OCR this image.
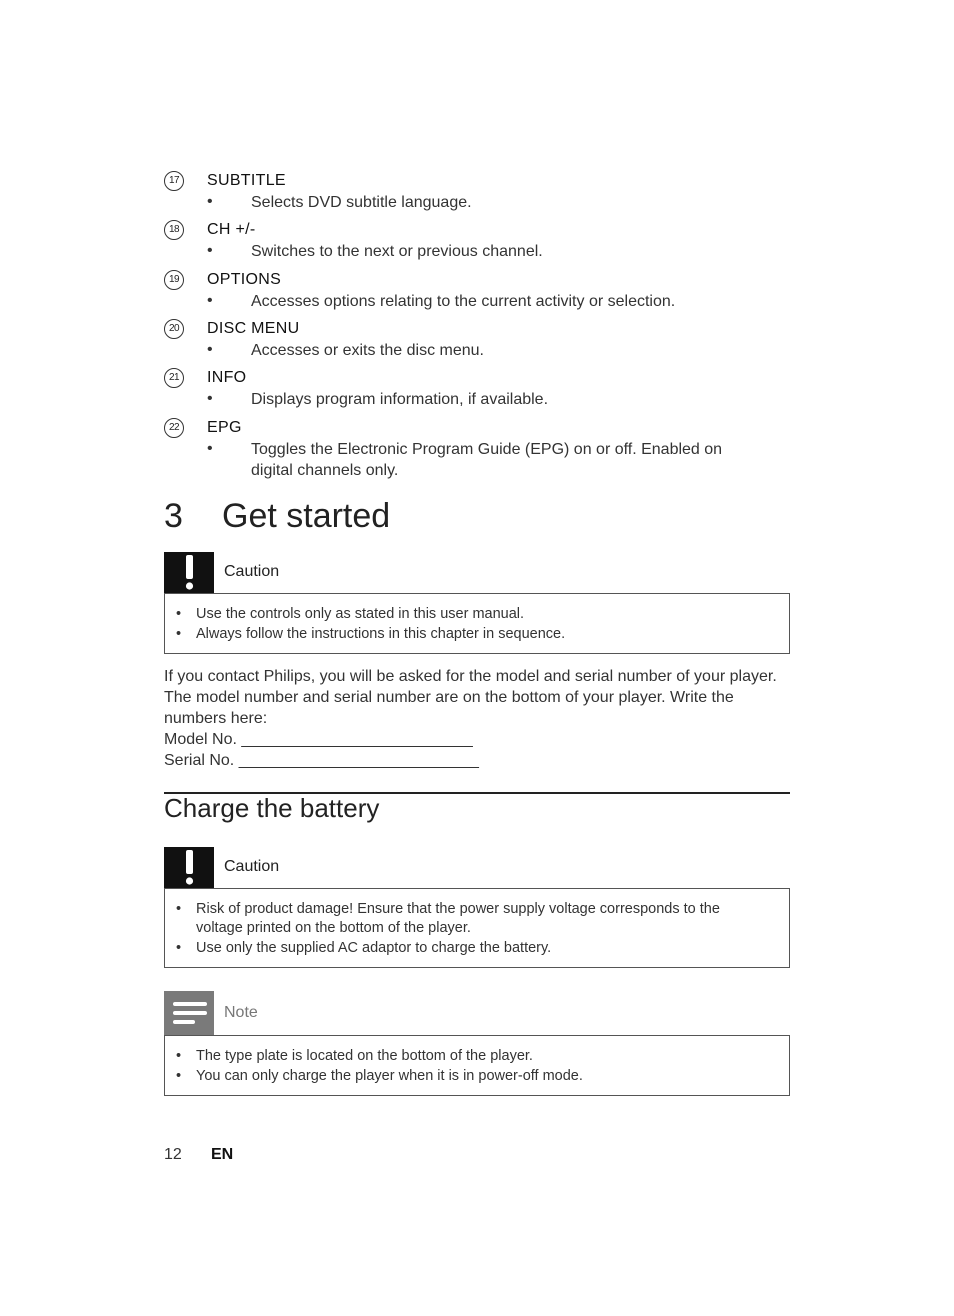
17	SUBTITLE
• Selects DVD subtitle language.
18	CH +/-
• Switches to the next or previous channel.
19	OPTIONS
• Accesses options relating to the current activity or selection.
20	DISC MENU
• Accesses or exits the disc menu.
21	INFO
• Displays program information, if available.
22	EPG
• Toggles the Electronic Program Guide (EPG) on or off. Enabled on digital channels only.
3 Get started
Caution
• Use the controls only as stated in this user manual.
• Always follow the instructions in this chapter in sequence.
If you contact Philips, you will be asked for the model and serial number of your player.
The model number and serial number are on the bottom of your player. Write the
numbers here:
Model No. __________________________
Serial No. ___________________________
Charge the battery
Caution
• Risk of product damage! Ensure that the power supply voltage corresponds to the voltage printed on the bottom of the player.
• Use only the supplied AC adaptor to charge the battery.
Note
• The type plate is located on the bottom of the player.
• You can only charge the player when it is in power-off mode.
12 EN
